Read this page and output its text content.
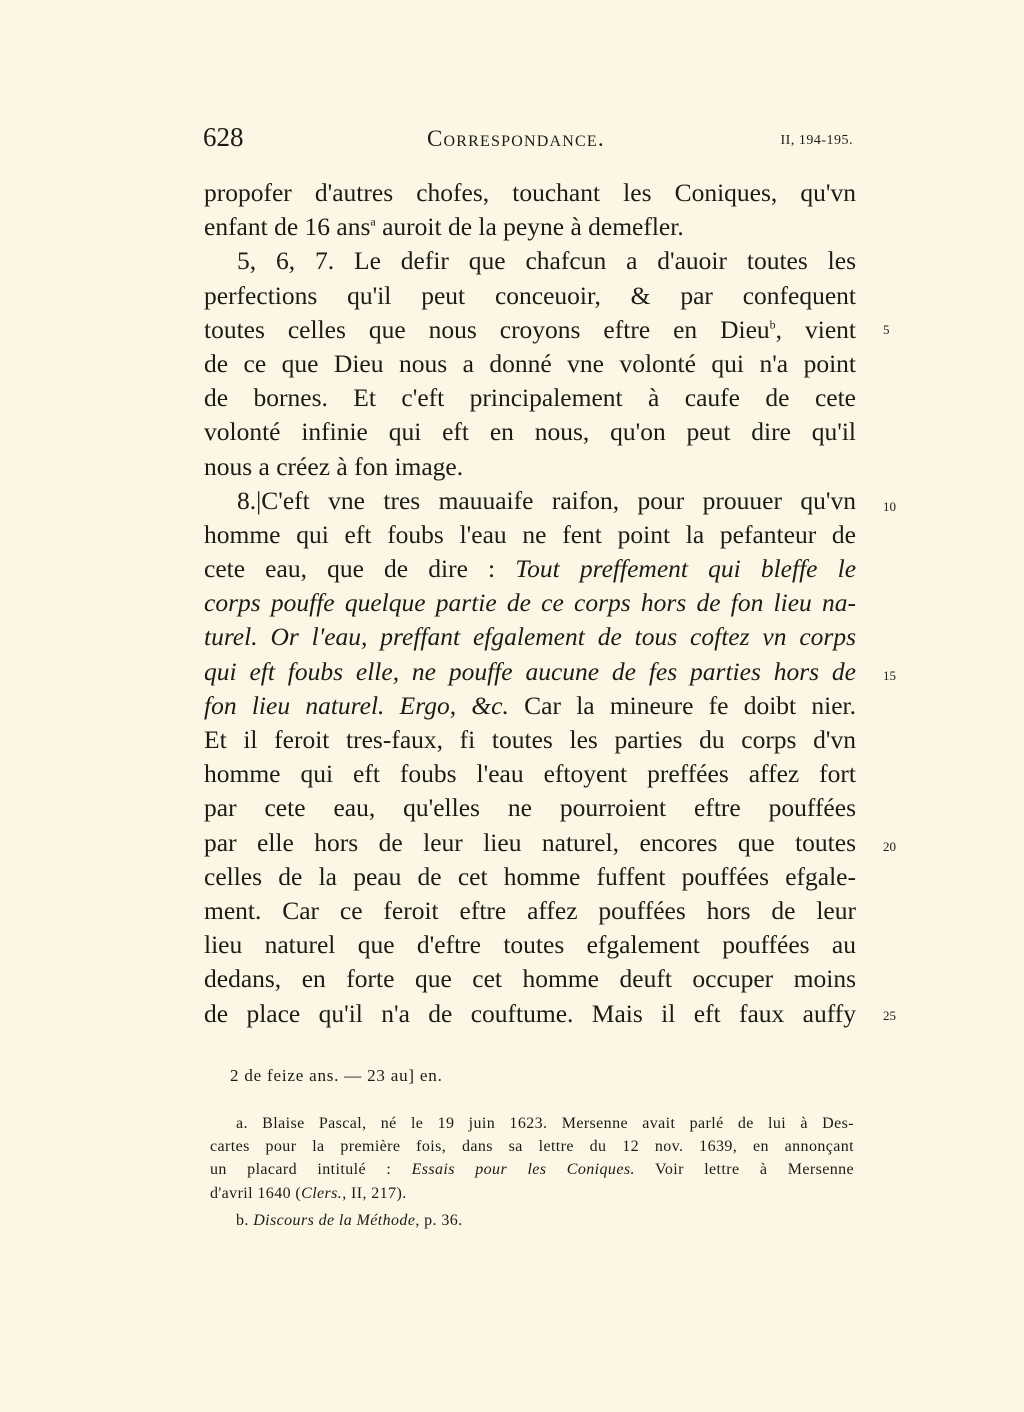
628	Correspondance.	II, 194-195.
propofer d'autres chofes, touchant les Coniques, qu'vn
enfant de 16 ans$^a$ auroit de la peyne à demefler.
5, 6, 7. Le defir que chafcun a d'auoir toutes les
perfections qu'il peut conceuoir, & par confequent
toutes celles que nous croyons eftre en Dieu$^b$, vient
de ce que Dieu nous a donné vne volonté qui n'a point
de bornes. Et c'eft principalement à caufe de cete
volonté infinie qui eft en nous, qu'on peut dire qu'il
nous a créez à fon image.
8.|C'eft vne tres mauuaife raifon, pour prouuer qu'vn
homme qui eft foubs l'eau ne fent point la pefanteur de
cete eau, que de dire : Tout preffement qui bleffe le
corps pouffe quelque partie de ce corps hors de fon lieu na-
turel. Or l'eau, preffant efgalement de tous coftez vn corps
qui eft foubs elle, ne pouffe aucune de fes parties hors de
fon lieu naturel. Ergo, &c. Car la mineure fe doibt nier.
Et il feroit tres-faux, fi toutes les parties du corps d'vn
homme qui eft foubs l'eau eftoyent preffées affez fort
par cete eau, qu'elles ne pourroient eftre pouffées
par elle hors de leur lieu naturel, encores que toutes
celles de la peau de cet homme fuffent pouffées efgale-
ment. Car ce feroit eftre affez pouffées hors de leur
lieu naturel que d'eftre toutes efgalement pouffées au
dedans, en forte que cet homme deuft occuper moins
de place qu'il n'a de couftume. Mais il eft faux auffy
5
10
15
20
25
2 de feize ans. — 23 au] en.
a. Blaise Pascal, né le 19 juin 1623. Mersenne avait parlé de lui à Des-
cartes pour la première fois, dans sa lettre du 12 nov. 1639, en annonçant
un placard intitulé : Essais pour les Coniques. Voir lettre à Mersenne
d'avril 1640 (Clers., II, 217).
b. Discours de la Méthode, p. 36.
